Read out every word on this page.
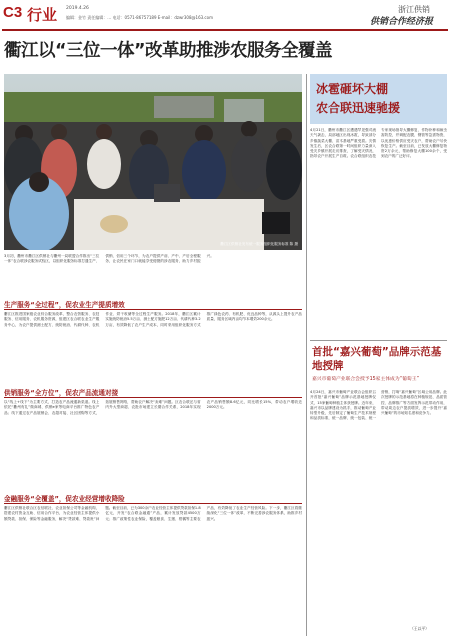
C3 行业 2019.4.26
编辑：金竹 责任编辑：… 电话：0571-86757189 E-mail：dzwr308@163.com
浙江供销
供销合作经济报
衢江以“三位一体”改革助推涉农服务全覆盖
衢江区供销社发布统一服务组织化服务标准 陈 摄
3月初，衢州市衢江区供销社与衢州一局联盟合作推出“三位一体”农合联涉农服务试验区，以组织化服务标准打通生产、供销、信用三个环节，为农户提供产前、产中、产后全程服务，让农民在家门口就能享受便捷的涉农服务，助力乡村振兴。
生产服务“全过程”，促农业生产提质增效
衢江区推进国家级农业综合服务改革，整合农资服务、农技服务、信用服务、农机服务资源，组建区农合联农业生产服务中心，为农户提供测土配方、统防统治、代耕代种、农机作业、烘干收储等全过程生产服务。2018年，衢江区累计实施统防统治5.5万亩、测土配方施肥12万亩、代耕代种3.2万亩，有效降低了农户生产成本，同时采用组织化服务方式推广绿色农药、有机肥、优良品种等，从源头上提升农产品质量，服务区域内亩均节本增效200余元。
供销服务“全方位”，促农产品流通对接
以“线上+线下”为主要方式，打造农产品流通新渠道。线上依托“衢州有礼”微商城、供销e家等电商平台推广特色农产品；线下通过农产品展销会、农超对接、社区团购等方式，拓展销售网络，帮助农户解决“卖难”问题。区农合联还与省内外大型商超、农批市场建立长期合作关系，2018年实现农产品销售额8.6亿元，同比增长15%，带动农户增收近2000万元。
金融服务“全覆盖”，促农业经营增收降险
衢江区供销社联合区农信联社、农业担保公司等金融机构，搭建农村资金互助、信用合作平台，为农业经营主体提供小额贷款、担保、保险等金融服务，解决“贷款难、贷款贵”问题。截至目前，已为300余户农业经营主体提供贷款担保1.8亿元，开发“农合联金融通”产品，累计发放贷款4500万元；推广政策性农业保险，覆盖粮食、生猪、柑橘等主要农产品，有效降低了农业生产经营风险。下一步，衢江区将继续深化“三位一体”改革，不断完善涉农服务体系，助推乡村振兴。
冰雹砸坏大棚
农合联迅速驰援
4月21日，衢州市衢江区遭遇罕见强对流天气袭击，局部地区出现冰雹，导致部分乡镇蔬菜大棚、苗木基地严重受损。灾情发生后，区农合联第一时间组织力量深入受灾乡镇开展走访排查，了解受灾情况，指导农户开展生产自救。农合联组织农技专家现场指导大棚修复、作物补种和病虫害防控，并调配农膜、钢管等急需物资，以优惠价格供应受灾农户，帮助农户尽快恢复生产。截至目前，已发放大棚修复物资2万余元，帮助修复大棚100余个，受到农户的广泛好评。
首批“嘉兴葡萄”品牌示范基地授牌
嘉兴市葡萄产业联合会授予15家主体成为“葡萄王”
4月24日，嘉兴市葡萄产业联合会组织召开首批“嘉兴葡萄”品牌示范基地授牌仪式，15家葡萄种植主体获授牌。近年来，嘉兴市以品牌建设为抓手，推动葡萄产业转型升级，先后制定了葡萄生产技术规程和品质标准，统一品牌、统一包装、统一营销，打响“嘉兴葡萄”区域公用品牌。此次授牌的示范基地将在种植规范、品质管控、品牌推广等方面发挥示范带动作用，带动周边农户提质增效，进一步提升“嘉兴葡萄”的市场知名度和竞争力。
（王以平）
